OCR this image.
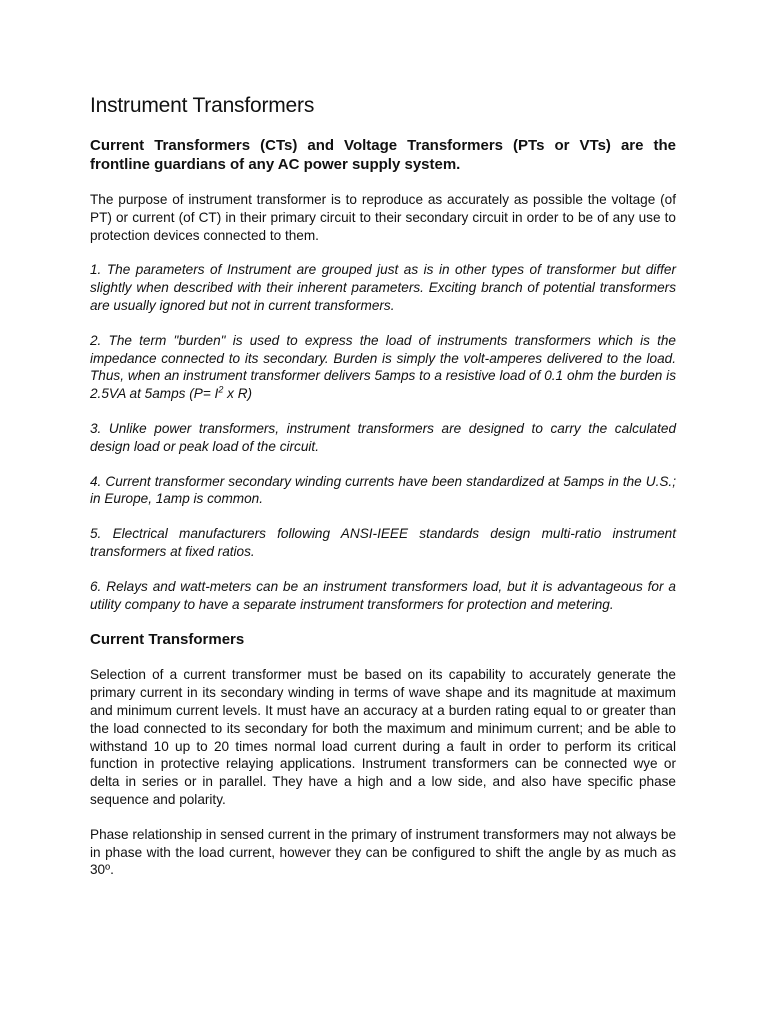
Instrument Transformers
Current Transformers (CTs) and Voltage Transformers (PTs or VTs) are the frontline guardians of any AC power supply system.

The purpose of instrument transformer is to reproduce as accurately as possible the voltage (of PT) or current (of CT) in their primary circuit to their secondary circuit in order to be of any use to protection devices connected to them.

1. The parameters of Instrument are grouped just as is in other types of transformer but differ slightly when described with their inherent parameters. Exciting branch of potential transformers are usually ignored but not in current transformers.

2. The term "burden" is used to express the load of instruments transformers which is the impedance connected to its secondary. Burden is simply the volt-amperes delivered to the load. Thus, when an instrument transformer delivers 5amps to a resistive load of 0.1 ohm the burden is 2.5VA at 5amps ($P= I^2$ x R)

3. Unlike power transformers, instrument transformers are designed to carry the calculated design load or peak load of the circuit.

4. Current transformer secondary winding currents have been standardized at 5amps in the U.S.; in Europe, 1amp is common.

5. Electrical manufacturers following ANSI-IEEE standards design multi-ratio instrument transformers at fixed ratios.

6. Relays and watt-meters can be an instrument transformers load, but it is advantageous for a utility company to have a separate instrument transformers for protection and metering.

Current Transformers

Selection of a current transformer must be based on its capability to accurately generate the primary current in its secondary winding in terms of wave shape and its magnitude at maximum and minimum current levels. It must have an accuracy at a burden rating equal to or greater than the load connected to its secondary for both the maximum and minimum current; and be able to withstand 10 up to 20 times normal load current during a fault in order to perform its critical function in protective relaying applications. Instrument transformers can be connected wye or delta in series or in parallel. They have a high and a low side, and also have specific phase sequence and polarity.

Phase relationship in sensed current in the primary of instrument transformers may not always be in phase with the load current, however they can be configured to shift the angle by as much as 30º.
